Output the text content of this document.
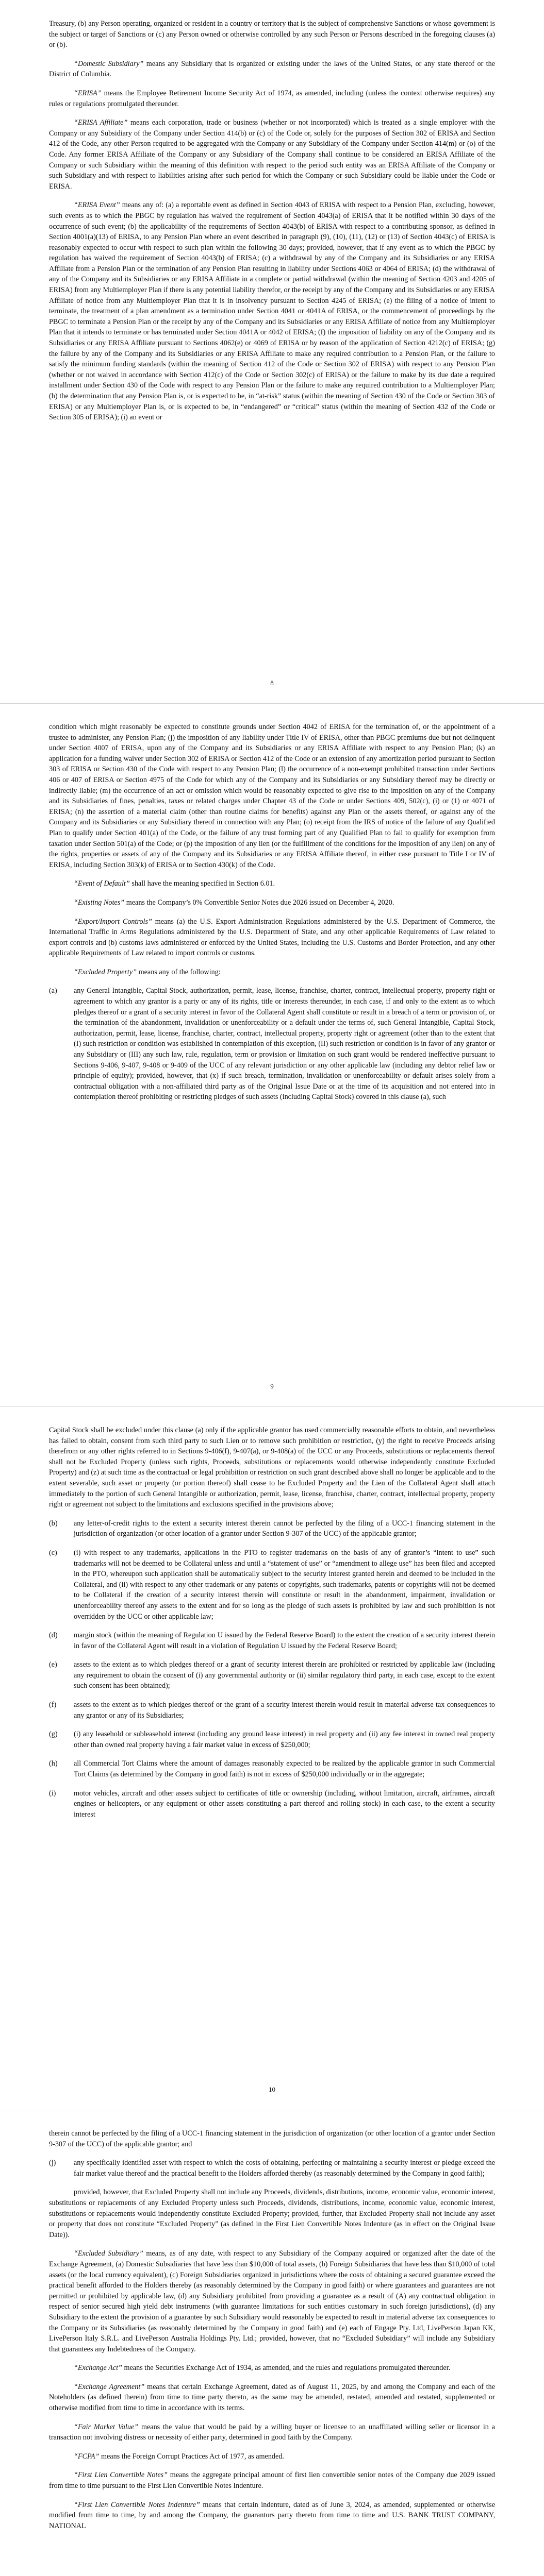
Treasury, (b) any Person operating, organized or resident in a country or territory that is the subject of comprehensive Sanctions or whose government is the subject or target of Sanctions or (c) any Person owned or otherwise controlled by any such Person or Persons described in the foregoing clauses (a) or (b).

“Domestic Subsidiary” means any Subsidiary that is organized or existing under the laws of the United States, or any state thereof or the District of Columbia.

“ERISA” means the Employee Retirement Income Security Act of 1974, as amended, including (unless the context otherwise requires) any rules or regulations promulgated thereunder.

“ERISA Affiliate” means each corporation, trade or business (whether or not incorporated) which is treated as a single employer with the Company or any Subsidiary of the Company under Section 414(b) or (c) of the Code or, solely for the purposes of Section 302 of ERISA and Section 412 of the Code, any other Person required to be aggregated with the Company or any Subsidiary of the Company under Section 414(m) or (o) of the Code. Any former ERISA Affiliate of the Company or any Subsidiary of the Company shall continue to be considered an ERISA Affiliate of the Company or such Subsidiary within the meaning of this definition with respect to the period such entity was an ERISA Affiliate of the Company or such Subsidiary and with respect to liabilities arising after such period for which the Company or such Subsidiary could be liable under the Code or ERISA.

“ERISA Event” means any of: (a) a reportable event as defined in Section 4043 of ERISA with respect to a Pension Plan, excluding, however, such events as to which the PBGC by regulation has waived the requirement of Section 4043(a) of ERISA that it be notified within 30 days of the occurrence of such event; (b) the applicability of the requirements of Section 4043(b) of ERISA with respect to a contributing sponsor, as defined in Section 4001(a)(13) of ERISA, to any Pension Plan where an event described in paragraph (9), (10), (11), (12) or (13) of Section 4043(c) of ERISA is reasonably expected to occur with respect to such plan within the following 30 days; provided, however, that if any event as to which the PBGC by regulation has waived the requirement of Section 4043(b) of ERISA; (c) a withdrawal by any of the Company and its Subsidiaries or any ERISA Affiliate from a Pension Plan or the termination of any Pension Plan resulting in liability under Sections 4063 or 4064 of ERISA; (d) the withdrawal of any of the Company and its Subsidiaries or any ERISA Affiliate in a complete or partial withdrawal (within the meaning of Section 4203 and 4205 of ERISA) from any Multiemployer Plan if there is any potential liability therefor, or the receipt by any of the Company and its Subsidiaries or any ERISA Affiliate of notice from any Multiemployer Plan that it is in insolvency pursuant to Section 4245 of ERISA; (e) the filing of a notice of intent to terminate, the treatment of a plan amendment as a termination under Section 4041 or 4041A of ERISA, or the commencement of proceedings by the PBGC to terminate a Pension Plan or the receipt by any of the Company and its Subsidiaries or any ERISA Affiliate of notice from any Multiemployer Plan that it intends to terminate or has terminated under Section 4041A or 4042 of ERISA; (f) the imposition of liability on any of the Company and its Subsidiaries or any ERISA Affiliate pursuant to Sections 4062(e) or 4069 of ERISA or by reason of the application of Section 4212(c) of ERISA; (g) the failure by any of the Company and its Subsidiaries or any ERISA Affiliate to make any required contribution to a Pension Plan, or the failure to satisfy the minimum funding standards (within the meaning of Section 412 of the Code or Section 302 of ERISA) with respect to any Pension Plan (whether or not waived in accordance with Section 412(c) of the Code or Section 302(c) of ERISA) or the failure to make by its due date a required installment under Section 430 of the Code with respect to any Pension Plan or the failure to make any required contribution to a Multiemployer Plan; (h) the determination that any Pension Plan is, or is expected to be, in “at-risk” status (within the meaning of Section 430 of the Code or Section 303 of ERISA) or any Multiemployer Plan is, or is expected to be, in “endangered” or “critical” status (within the meaning of Section 432 of the Code or Section 305 of ERISA); (i) an event or

8

condition which might reasonably be expected to constitute grounds under Section 4042 of ERISA for the termination of, or the appointment of a trustee to administer, any Pension Plan; (j) the imposition of any liability under Title IV of ERISA, other than PBGC premiums due but not delinquent under Section 4007 of ERISA, upon any of the Company and its Subsidiaries or any ERISA Affiliate with respect to any Pension Plan; (k) an application for a funding waiver under Section 302 of ERISA or Section 412 of the Code or an extension of any amortization period pursuant to Section 303 of ERISA or Section 430 of the Code with respect to any Pension Plan; (l) the occurrence of a non-exempt prohibited transaction under Sections 406 or 407 of ERISA or Section 4975 of the Code for which any of the Company and its Subsidiaries or any Subsidiary thereof may be directly or indirectly liable; (m) the occurrence of an act or omission which would be reasonably expected to give rise to the imposition on any of the Company and its Subsidiaries of fines, penalties, taxes or related charges under Chapter 43 of the Code or under Sections 409, 502(c), (i) or (1) or 4071 of ERISA; (n) the assertion of a material claim (other than routine claims for benefits) against any Plan or the assets thereof, or against any of the Company and its Subsidiaries or any Subsidiary thereof in connection with any Plan; (o) receipt from the IRS of notice of the failure of any Qualified Plan to qualify under Section 401(a) of the Code, or the failure of any trust forming part of any Qualified Plan to fail to qualify for exemption from taxation under Section 501(a) of the Code; or (p) the imposition of any lien (or the fulfillment of the conditions for the imposition of any lien) on any of the rights, properties or assets of any of the Company and its Subsidiaries or any ERISA Affiliate thereof, in either case pursuant to Title I or IV of ERISA, including Section 303(k) of ERISA or to Section 430(k) of the Code.

“Event of Default” shall have the meaning specified in Section 6.01.

“Existing Notes” means the Company’s 0% Convertible Senior Notes due 2026 issued on December 4, 2020.

“Export/Import Controls” means (a) the U.S. Export Administration Regulations administered by the U.S. Department of Commerce, the International Traffic in Arms Regulations administered by the U.S. Department of State, and any other applicable Requirements of Law related to export controls and (b) customs laws administered or enforced by the United States, including the U.S. Customs and Border Protection, and any other applicable Requirements of Law related to import controls or customs.

“Excluded Property” means any of the following:

(a) any General Intangible, Capital Stock, authorization, permit, lease, license, franchise, charter, contract, intellectual property, property right or agreement to which any grantor is a party or any of its rights, title or interests thereunder, in each case, if and only to the extent as to which pledges thereof or a grant of a security interest in favor of the Collateral Agent shall constitute or result in a breach of a term or provision of, or the termination of the abandonment, invalidation or unenforceability or a default under the terms of, such General Intangible, Capital Stock, authorization, permit, lease, license, franchise, charter, contract, intellectual property, property right or agreement (other than to the extent that (I) such restriction or condition was established in contemplation of this exception, (II) such restriction or condition is in favor of any grantor or any Subsidiary or (III) any such law, rule, regulation, term or provision or limitation on such grant would be rendered ineffective pursuant to Sections 9-406, 9-407, 9-408 or 9-409 of the UCC of any relevant jurisdiction or any other applicable law (including any debtor relief law or principle of equity); provided, however, that (x) if such breach, termination, invalidation or unenforceability or default arises solely from a contractual obligation with a non-affiliated third party as of the Original Issue Date or at the time of its acquisition and not entered into in contemplation thereof prohibiting or restricting pledges of such assets (including Capital Stock) covered in this clause (a), such

9

Capital Stock shall be excluded under this clause (a) only if the applicable grantor has used commercially reasonable efforts to obtain, and nevertheless has failed to obtain, consent from such third party to such Lien or to remove such prohibition or restriction, (y) the right to receive Proceeds arising therefrom or any other rights referred to in Sections 9-406(f), 9-407(a), or 9-408(a) of the UCC or any Proceeds, substitutions or replacements thereof shall not be Excluded Property (unless such rights, Proceeds, substitutions or replacements would otherwise independently constitute Excluded Property) and (z) at such time as the contractual or legal prohibition or restriction on such grant described above shall no longer be applicable and to the extent severable, such asset or property (or portion thereof) shall cease to be Excluded Property and the Lien of the Collateral Agent shall attach immediately to the portion of such General Intangible or authorization, permit, lease, license, franchise, charter, contract, intellectual property, property right or agreement not subject to the limitations and exclusions specified in the provisions above;

(b) any letter-of-credit rights to the extent a security interest therein cannot be perfected by the filing of a UCC-1 financing statement in the jurisdiction of organization (or other location of a grantor under Section 9-307 of the UCC) of the applicable grantor;

(c) (i) with respect to any trademarks, applications in the PTO to register trademarks on the basis of any of grantor’s “intent to use” such trademarks will not be deemed to be Collateral unless and until a “statement of use” or “amendment to allege use” has been filed and accepted in the PTO, whereupon such application shall be automatically subject to the security interest granted herein and deemed to be included in the Collateral, and (ii) with respect to any other trademark or any patents or copyrights, such trademarks, patents or copyrights will not be deemed to be Collateral if the creation of a security interest therein will constitute or result in the abandonment, impairment, invalidation or unenforceability thereof any assets to the extent and for so long as the pledge of such assets is prohibited by law and such prohibition is not overridden by the UCC or other applicable law;

(d) margin stock (within the meaning of Regulation U issued by the Federal Reserve Board) to the extent the creation of a security interest therein in favor of the Collateral Agent will result in a violation of Regulation U issued by the Federal Reserve Board;

(e) assets to the extent as to which pledges thereof or a grant of security interest therein are prohibited or restricted by applicable law (including any requirement to obtain the consent of (i) any governmental authority or (ii) similar regulatory third party, in each case, except to the extent such consent has been obtained);

(f) assets to the extent as to which pledges thereof or the grant of a security interest therein would result in material adverse tax consequences to any grantor or any of its Subsidiaries;

(g) (i) any leasehold or subleasehold interest (including any ground lease interest) in real property and (ii) any fee interest in owned real property other than owned real property having a fair market value in excess of $250,000;

(h) all Commercial Tort Claims where the amount of damages reasonably expected to be realized by the applicable grantor in such Commercial Tort Claims (as determined by the Company in good faith) is not in excess of $250,000 individually or in the aggregate;

(i) motor vehicles, aircraft and other assets subject to certificates of title or ownership (including, without limitation, aircraft, airframes, aircraft engines or helicopters, or any equipment or other assets constituting a part thereof and rolling stock) in each case, to the extent a security interest

10

therein cannot be perfected by the filing of a UCC-1 financing statement in the jurisdiction of organization (or other location of a grantor under Section 9-307 of the UCC) of the applicable grantor; and

(j) any specifically identified asset with respect to which the costs of obtaining, perfecting or maintaining a security interest or pledge exceed the fair market value thereof and the practical benefit to the Holders afforded thereby (as reasonably determined by the Company in good faith);

provided, however, that Excluded Property shall not include any Proceeds, dividends, distributions, income, economic value, economic interest, substitutions or replacements of any Excluded Property unless such Proceeds, dividends, distributions, income, economic value, economic interest, substitutions or replacements would independently constitute Excluded Property; provided, further, that Excluded Property shall not include any asset or property that does not constitute “Excluded Property” (as defined in the First Lien Convertible Notes Indenture (as in effect on the Original Issue Date)).

“Excluded Subsidiary” means, as of any date, with respect to any Subsidiary of the Company acquired or organized after the date of the Exchange Agreement, (a) Domestic Subsidiaries that have less than $10,000 of total assets, (b) Foreign Subsidiaries that have less than $10,000 of total assets (or the local currency equivalent), (c) Foreign Subsidiaries organized in jurisdictions where the costs of obtaining a secured guarantee exceed the practical benefit afforded to the Holders thereby (as reasonably determined by the Company in good faith) or where guarantees and guarantees are not permitted or prohibited by applicable law, (d) any Subsidiary prohibited from providing a guarantee as a result of (A) any contractual obligation in respect of senior secured high yield debt instruments (with guarantee limitations for such entities customary in such foreign jurisdictions), (d) any Subsidiary to the extent the provision of a guarantee by such Subsidiary would reasonably be expected to result in material adverse tax consequences to the Company or its Subsidiaries (as reasonably determined by the Company in good faith) and (e) each of Engage Pty. Ltd, LivePerson Japan KK, LivePerson Italy S.R.L. and LivePerson Australia Holdings Pty. Ltd.; provided, however, that no “Excluded Subsidiary” will include any Subsidiary that guarantees any Indebtedness of the Company.

“Exchange Act” means the Securities Exchange Act of 1934, as amended, and the rules and regulations promulgated thereunder.

“Exchange Agreement” means that certain Exchange Agreement, dated as of August 11, 2025, by and among the Company and each of the Noteholders (as defined therein) from time to time party thereto, as the same may be amended, restated, amended and restated, supplemented or otherwise modified from time to time in accordance with its terms.

“Fair Market Value” means the value that would be paid by a willing buyer or licensee to an unaffiliated willing seller or licensor in a transaction not involving distress or necessity of either party, determined in good faith by the Company.

“FCPA” means the Foreign Corrupt Practices Act of 1977, as amended.

“First Lien Convertible Notes” means the aggregate principal amount of first lien convertible senior notes of the Company due 2029 issued from time to time pursuant to the First Lien Convertible Notes Indenture.

“First Lien Convertible Notes Indenture” means that certain indenture, dated as of June 3, 2024, as amended, supplemented or otherwise modified from time to time, by and among the Company, the guarantors party thereto from time to time and U.S. BANK TRUST COMPANY, NATIONAL
